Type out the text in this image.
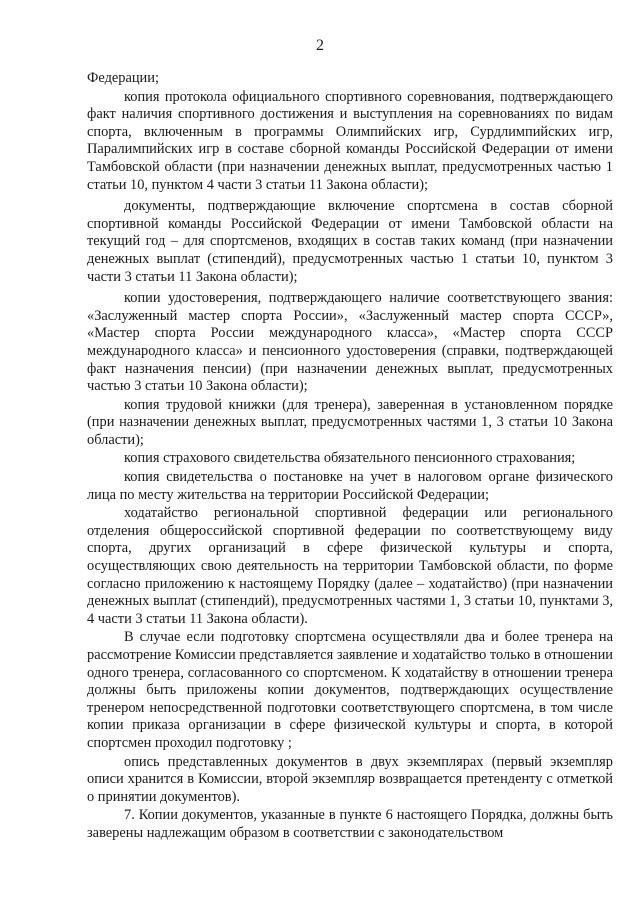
2

Федерации;

копия протокола официального спортивного соревнования, подтверждающего факт наличия спортивного достижения и выступления на соревнованиях по видам спорта, включенным в программы Олимпийских игр, Сурдлимпийских игр, Паралимпийских игр в составе сборной команды Российской Федерации от имени Тамбовской области (при назначении денежных выплат, предусмотренных частью 1 статьи 10, пунктом 4 части 3 статьи 11 Закона области);

документы, подтверждающие включение спортсмена в состав сборной спортивной команды Российской Федерации от имени Тамбовской области на текущий год – для спортсменов, входящих в состав таких команд (при назначении денежных выплат (стипендий), предусмотренных частью 1 статьи 10, пунктом 3 части 3 статьи 11 Закона области);

копии удостоверения, подтверждающего наличие соответствующего звания: «Заслуженный мастер спорта России», «Заслуженный мастер спорта СССР», «Мастер спорта России международного класса», «Мастер спорта СССР международного класса» и пенсионного удостоверения (справки, подтверждающей факт назначения пенсии) (при назначении денежных выплат, предусмотренных частью 3 статьи 10 Закона области);

копия трудовой книжки (для тренера), заверенная в установленном порядке (при назначении денежных выплат, предусмотренных частями 1, 3 статьи 10 Закона области);

копия страхового свидетельства обязательного пенсионного страхования;

копия свидетельства о постановке на учет в налоговом органе физического лица по месту жительства на территории Российской Федерации;

ходатайство региональной спортивной федерации или регионального отделения общероссийской спортивной федерации по соответствующему виду спорта, других организаций в сфере физической культуры и спорта, осуществляющих свою деятельность на территории Тамбовской области, по форме согласно приложению к настоящему Порядку (далее – ходатайство) (при назначении денежных выплат (стипендий), предусмотренных частями 1, 3 статьи 10, пунктами 3, 4 части 3 статьи 11 Закона области).

В случае если подготовку спортсмена осуществляли два и более тренера на рассмотрение Комиссии представляется заявление и ходатайство только в отношении одного тренера, согласованного со спортсменом. К ходатайству в отношении тренера должны быть приложены копии документов, подтверждающих осуществление тренером непосредственной подготовки соответствующего спортсмена, в том числе копии приказа организации в сфере физической культуры и спорта, в которой спортсмен проходил подготовку ;

опись представленных документов в двух экземплярах (первый экземпляр описи хранится в Комиссии, второй экземпляр возвращается претенденту с отметкой о принятии документов).

7. Копии документов, указанные в пункте 6 настоящего Порядка, должны быть заверены надлежащим образом в соответствии с законодательством
